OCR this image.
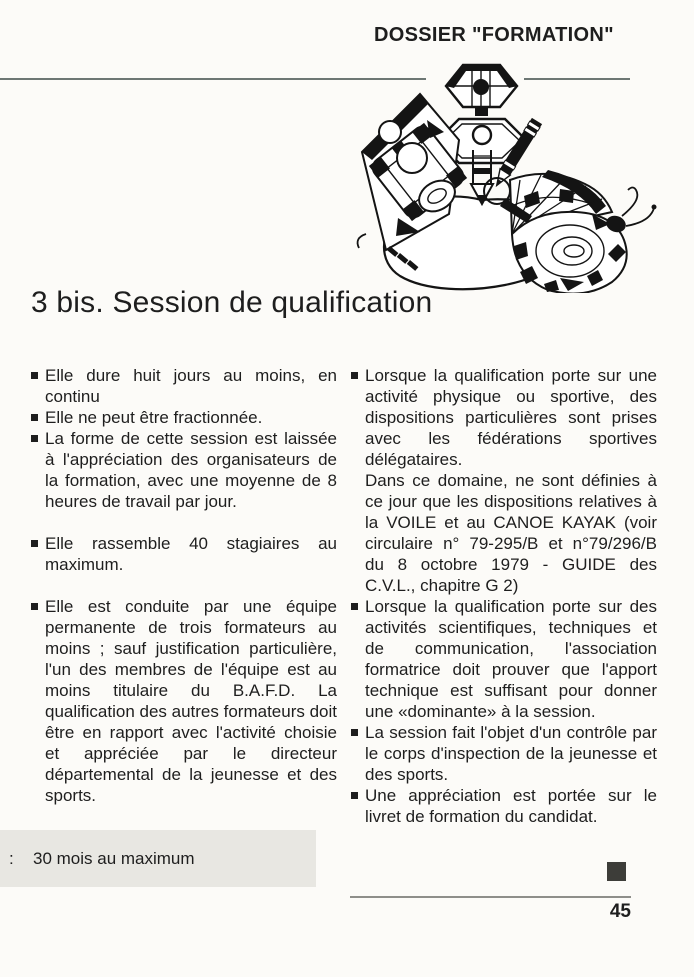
DOSSIER "FORMATION"
3 bis. Session de qualification

Elle dure huit jours au moins, en continu

Elle ne peut être fractionnée.

La forme de cette session est laissée à l'appréciation des organisateurs de la formation, avec une moyenne de 8 heures de travail par jour.

Elle rassemble 40 stagiaires au maximum.

Elle est conduite par une équipe permanente de trois formateurs au moins ; sauf justification particulière, l'un des membres de l'équipe est au moins titulaire du B.A.F.D. La qualification des autres formateurs doit être en rapport avec l'activité choisie et appréciée par le directeur départemental de la jeunesse et des sports.

Lorsque la qualification porte sur une activité physique ou sportive, des dispositions particulières sont prises avec les fédérations sportives délégataires.

Dans ce domaine, ne sont définies à ce jour que les dispositions relatives à la VOILE et au CANOE KAYAK (voir circulaire n° 79-295/B et n°79/296/B du 8 octobre 1979 - GUIDE des C.V.L., chapitre G 2)

Lorsque la qualification porte sur des activités scientifiques, techniques et de communication, l'association formatrice doit prouver que l'apport technique est suffisant pour donner une «dominante» à la session.

La session fait l'objet d'un contrôle par le corps d'inspection de la jeunesse et des sports.

Une appréciation est portée sur le livret de formation du candidat.

: 30 mois au maximum
45
